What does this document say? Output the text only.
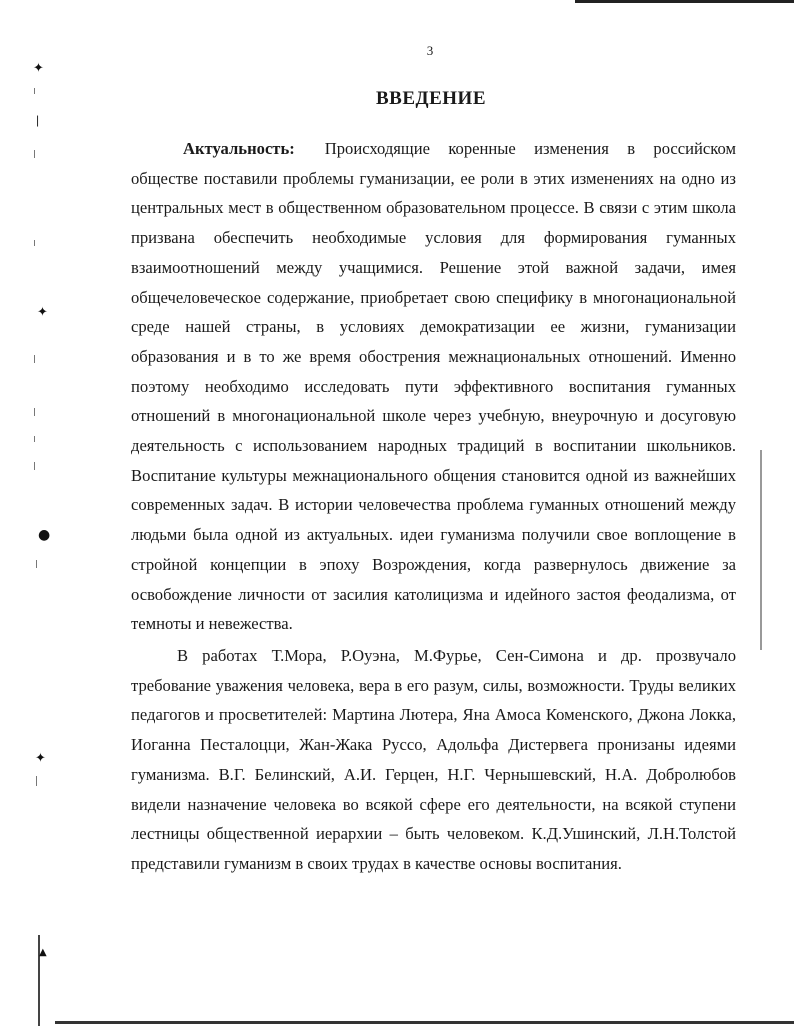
✦
❘
✦
●
✦
▲
3
ВВЕДЕНИЕ

Актуальность: Происходящие коренные изменения в российском обществе поставили проблемы гуманизации, ее роли в этих изменениях на одно из центральных мест в общественном образовательном процессе. В связи с этим школа призвана обеспечить необходимые условия для формирования гуманных взаимоотношений между учащимися. Решение этой важной задачи, имея общечеловеческое содержание, приобретает свою специфику в многонациональной среде нашей страны, в условиях демократизации ее жизни, гуманизации образования и в то же время обострения межнациональных отношений. Именно поэтому необходимо исследовать пути эффективного воспитания гуманных отношений в многонациональной школе через учебную, внеурочную и досуговую деятельность с использованием народных традиций в воспитании школьников. Воспитание культуры межнационального общения становится одной из важнейших современных задач. В истории человечества проблема гуманных отношений между людьми была одной из актуальных. идеи гуманизма получили свое воплощение в стройной концепции в эпоху Возрождения, когда развернулось движение за освобождение личности от засилия католицизма и идейного застоя феодализма, от темноты и невежества.

В работах Т.Мора, Р.Оуэна, М.Фурье, Сен-Симона и др. прозвучало требование уважения человека, вера в его разум, силы, возможности. Труды великих педагогов и просветителей: Мартина Лютера, Яна Амоса Коменского, Джона Локка, Иоганна Песталоцци, Жан-Жака Руссо, Адольфа Дистервега пронизаны идеями гуманизма. В.Г. Белинский, А.И. Герцен, Н.Г. Чернышевский, Н.А. Добролюбов видели назначение человека во всякой сфере его деятельности, на всякой ступени лестницы общественной иерархии – быть человеком. К.Д.Ушинский, Л.Н.Толстой представили гуманизм в своих трудах в качестве основы воспитания.
